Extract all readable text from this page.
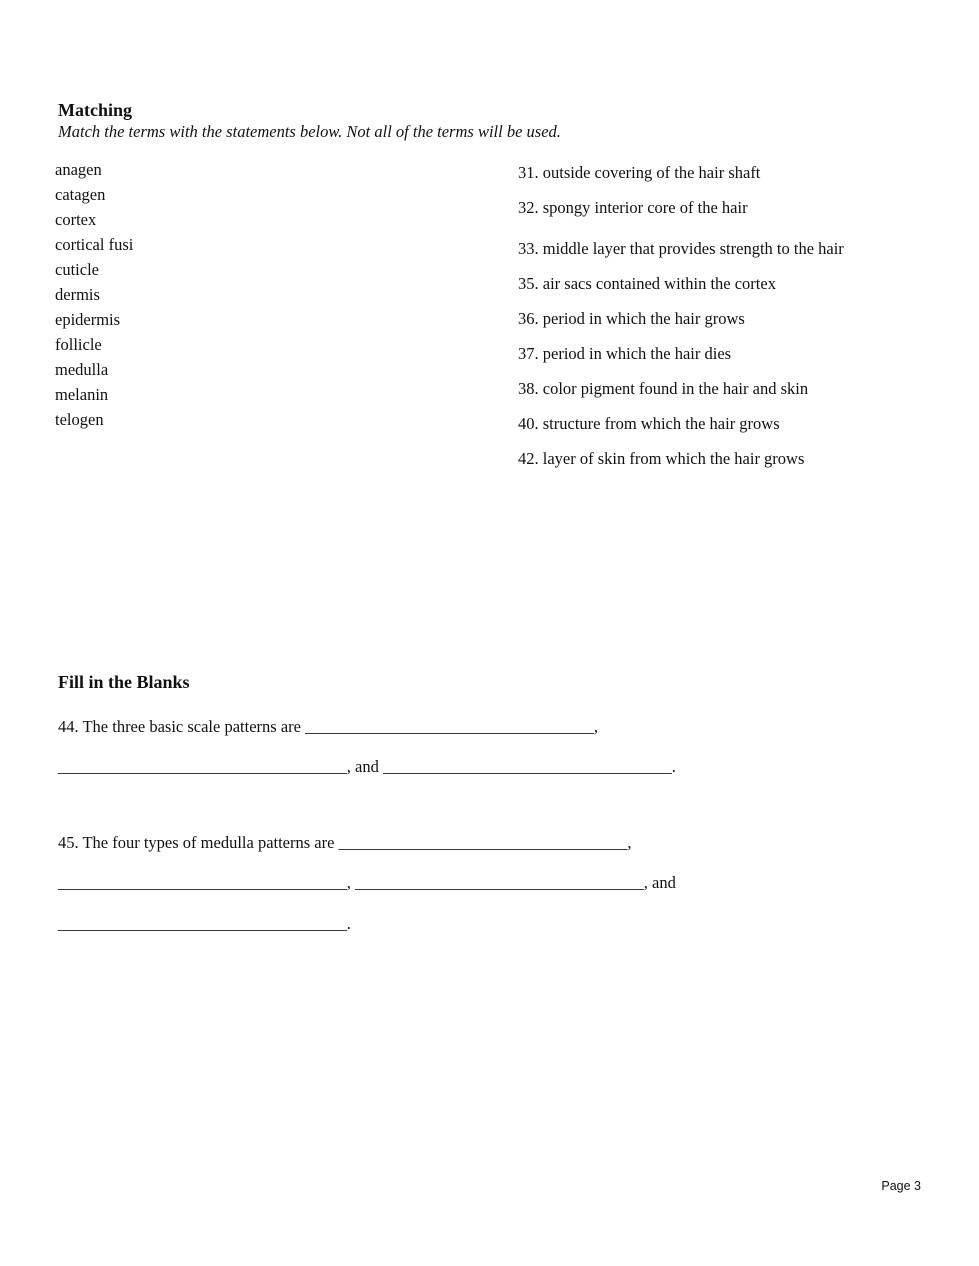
Matching
Match the terms with the statements below. Not all of the terms will be used.
anagen
catagen
cortex
cortical fusi
cuticle
dermis
epidermis
follicle
medulla
melanin
telogen
31. outside covering of the hair shaft
32. spongy interior core of the hair
33. middle layer that provides strength to the hair
35. air sacs contained within the cortex
36. period in which the hair grows
37. period in which the hair dies
38. color pigment found in the hair and skin
40. structure from which the hair grows
42. layer of skin from which the hair grows
Fill in the Blanks
44. The three basic scale patterns are ___________________________________,
___________________________________, and ___________________________________.
45. The four types of medulla patterns are ___________________________________,
___________________________________, ___________________________________, and
___________________________________.
Page 3
